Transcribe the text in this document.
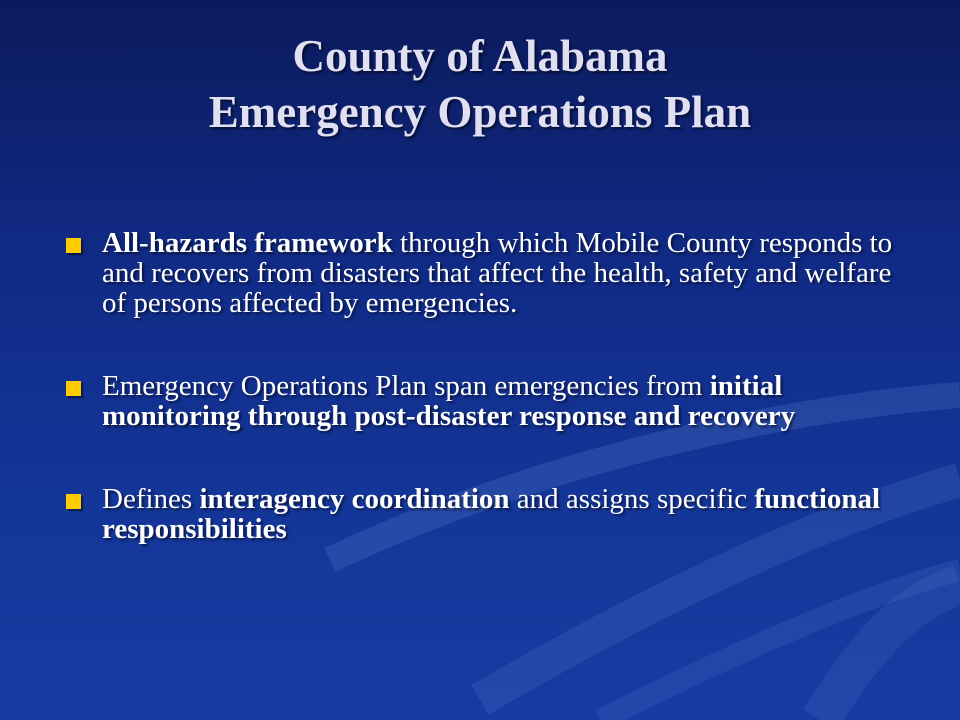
County of Alabama
Emergency Operations Plan
All-hazards framework through which Mobile County responds to and recovers from disasters that affect the health, safety and welfare of persons affected by emergencies.
Emergency Operations Plan span emergencies from initial monitoring through post-disaster response and recovery
Defines interagency coordination and assigns specific functional responsibilities
